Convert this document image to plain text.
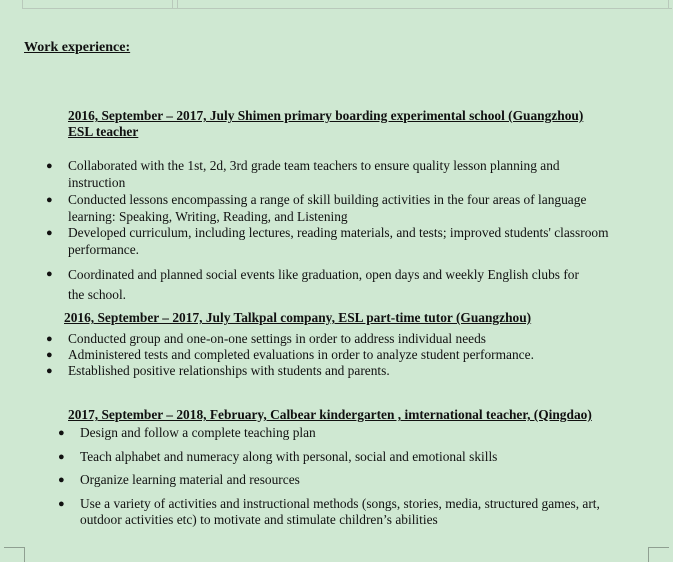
Work experience:
2016, September – 2017, July Shimen primary boarding experimental school (Guangzhou)
ESL teacher
● Collaborated with the 1st, 2d, 3rd grade team teachers to ensure quality lesson planning and
instruction
● Conducted lessons encompassing a range of skill building activities in the four areas of language
learning: Speaking, Writing, Reading, and Listening
● Developed curriculum, including lectures, reading materials, and tests; improved students' classroom
performance.
● Coordinated and planned social events like graduation, open days and weekly English clubs for
the school.
2016, September – 2017, July Talkpal company, ESL part-time tutor (Guangzhou)
● Conducted group and one-on-one settings in order to address individual needs
● Administered tests and completed evaluations in order to analyze student performance.
● Established positive relationships with students and parents.
2017, September – 2018, February, Calbear kindergarten , imternational teacher, (Qingdao)
● Design and follow a complete teaching plan
● Teach alphabet and numeracy along with personal, social and emotional skills
● Organize learning material and resources
● Use a variety of activities and instructional methods (songs, stories, media, structured games, art,
outdoor activities etc) to motivate and stimulate children’s abilities
